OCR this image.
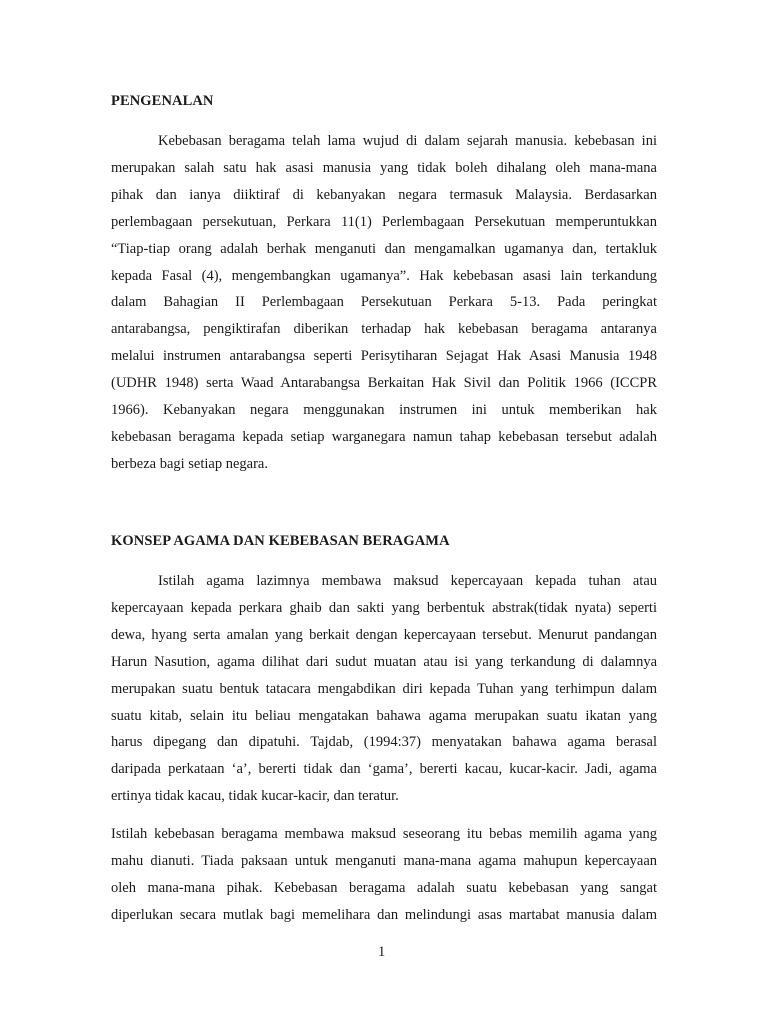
PENGENALAN

Kebebasan beragama telah lama wujud di dalam sejarah manusia. kebebasan ini
merupakan salah satu hak asasi manusia yang tidak boleh dihalang oleh mana-mana
pihak dan ianya diiktiraf di kebanyakan negara termasuk Malaysia. Berdasarkan
perlembagaan persekutuan, Perkara 11(1) Perlembagaan Persekutuan memperuntukkan
“Tiap-tiap orang adalah berhak menganuti dan mengamalkan ugamanya dan, tertakluk
kepada Fasal (4), mengembangkan ugamanya”. Hak kebebasan asasi lain terkandung
dalam Bahagian II Perlembagaan Persekutuan Perkara 5-13. Pada peringkat
antarabangsa, pengiktirafan diberikan terhadap hak kebebasan beragama antaranya
melalui instrumen antarabangsa seperti Perisytiharan Sejagat Hak Asasi Manusia 1948
(UDHR 1948) serta Waad Antarabangsa Berkaitan Hak Sivil dan Politik 1966 (ICCPR
1966). Kebanyakan negara menggunakan instrumen ini untuk memberikan hak
kebebasan beragama kepada setiap warganegara namun tahap kebebasan tersebut adalah
berbeza bagi setiap negara.

KONSEP AGAMA DAN KEBEBASAN BERAGAMA

Istilah agama lazimnya membawa maksud kepercayaan kepada tuhan atau
kepercayaan kepada perkara ghaib dan sakti yang berbentuk abstrak(tidak nyata) seperti
dewa, hyang serta amalan yang berkait dengan kepercayaan tersebut. Menurut pandangan
Harun Nasution, agama dilihat dari sudut muatan atau isi yang terkandung di dalamnya
merupakan suatu bentuk tatacara mengabdikan diri kepada Tuhan yang terhimpun dalam
suatu kitab, selain itu beliau mengatakan bahawa agama merupakan suatu ikatan yang
harus dipegang dan dipatuhi. Tajdab, (1994:37) menyatakan bahawa agama berasal
daripada perkataan ‘a’, bererti tidak dan ‘gama’, bererti kacau, kucar-kacir. Jadi, agama
ertinya tidak kacau, tidak kucar-kacir, dan teratur.

Istilah kebebasan beragama membawa maksud seseorang itu bebas memilih agama yang
mahu dianuti. Tiada paksaan untuk menganuti mana-mana agama mahupun kepercayaan
oleh mana-mana pihak. Kebebasan beragama adalah suatu kebebasan yang sangat
diperlukan secara mutlak bagi memelihara dan melindungi asas martabat manusia dalam

1
